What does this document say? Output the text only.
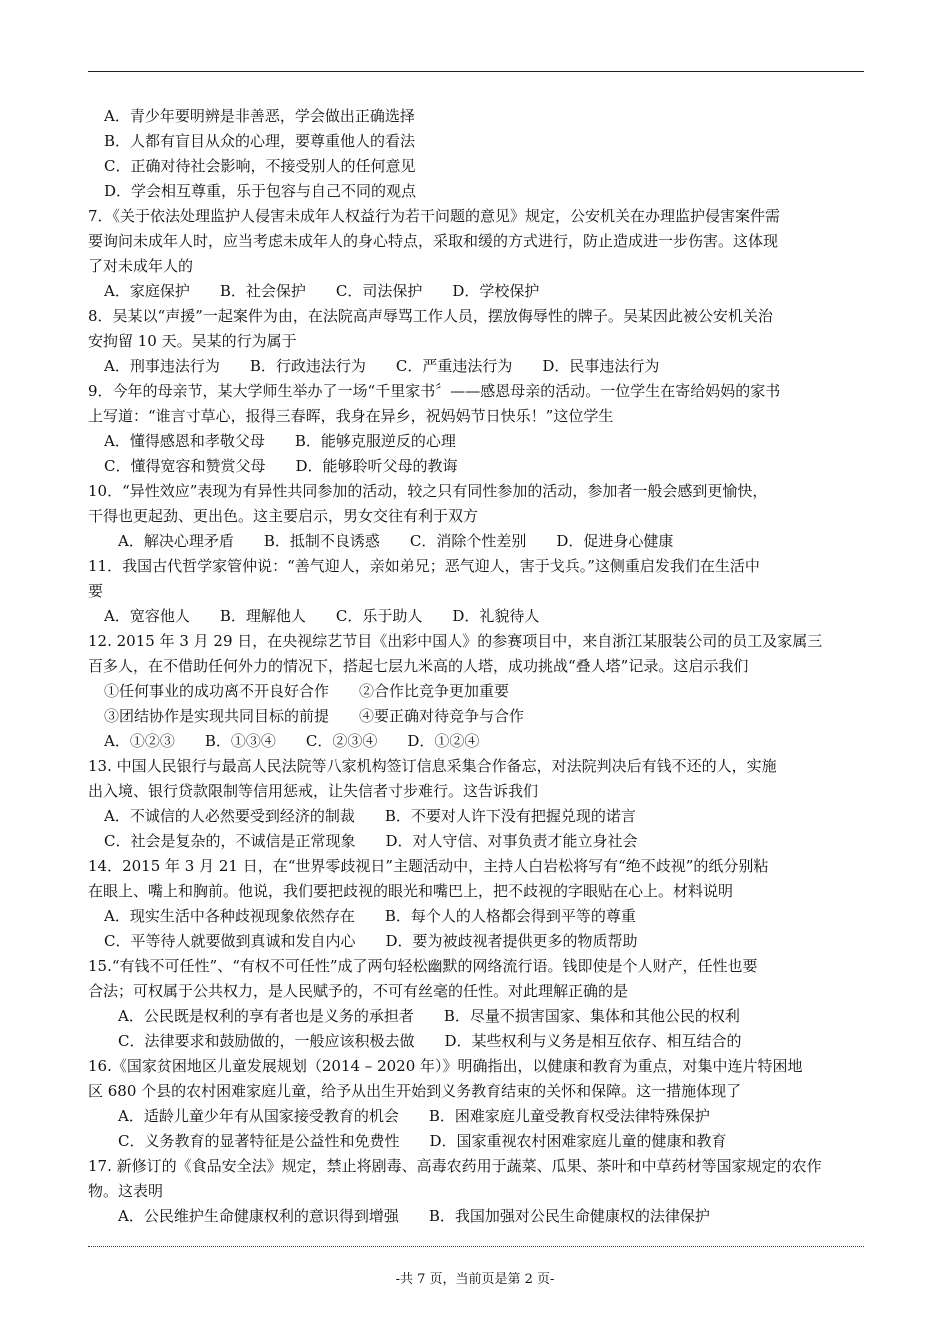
A．青少年要明辨是非善恶，学会做出正确选择
B．人都有盲目从众的心理，要尊重他人的看法
C．正确对待社会影响，不接受别人的任何意见
D．学会相互尊重，乐于包容与自己不同的观点
7．《关于依法处理监护人侵害未成年人权益行为若干问题的意见》规定，公安机关在办理监护侵害案件需
要询问未成年人时，应当考虑未成年人的身心特点，采取和缓的方式进行，防止造成进一步伤害。这体现
了对未成年人的
A．家庭保护　　B．社会保护　　C．司法保护　　D．学校保护
8．吴某以“声援”一起案件为由，在法院高声辱骂工作人员，摆放侮辱性的牌子。吴某因此被公安机关治
安拘留 10 天。吴某的行为属于
A．刑事违法行为　　B．行政违法行为　　C．严重违法行为　　D．民事违法行为
9．今年的母亲节，某大学师生举办了一场“千里家书〞——感恩母亲的活动。一位学生在寄给妈妈的家书
上写道：“谁言寸草心，报得三春晖，我身在异乡，祝妈妈节日快乐！”这位学生
A．懂得感恩和孝敬父母　　B．能够克服逆反的心理
C．懂得宽容和赞赏父母　　D．能够聆听父母的教诲
10．“异性效应”表现为有异性共同参加的活动，较之只有同性参加的活动，参加者一般会感到更愉快，
干得也更起劲、更出色。这主要启示，男女交往有利于双方
A．解决心理矛盾　　B．抵制不良诱惑　　C．消除个性差别　　D．促进身心健康
11．我国古代哲学家管仲说：“善气迎人，亲如弟兄；恶气迎人，害于戈兵。”这侧重启发我们在生活中
要
A．宽容他人　　B．理解他人　　C．乐于助人　　D．礼貌待人
12. 2015 年 3 月 29 日，在央视综艺节目《出彩中国人》的参赛项目中，来自浙江某服装公司的员工及家属三
百多人，在不借助任何外力的情况下，搭起七层九米高的人塔，成功挑战“叠人塔”记录。这启示我们
①任何事业的成功离不开良好合作　　②合作比竞争更加重要
③团结协作是实现共同目标的前提　　④要正确对待竞争与合作
A．①②③　　B．①③④　　C．②③④　　D．①②④
13. 中国人民银行与最高人民法院等八家机构签订信息采集合作备忘，对法院判决后有钱不还的人，实施
出入境、银行贷款限制等信用惩戒，让失信者寸步难行。这告诉我们
A．不诚信的人必然要受到经济的制裁　　B．不要对人许下没有把握兑现的诺言
C．社会是复杂的，不诚信是正常现象　　D．对人守信、对事负责才能立身社会
14．2015 年 3 月 21 日，在“世界零歧视日”主题活动中，主持人白岩松将写有“绝不歧视”的纸分别粘
在眼上、嘴上和胸前。他说，我们要把歧视的眼光和嘴巴上，把不歧视的字眼贴在心上。材料说明
A．现实生活中各种歧视现象依然存在　　B．每个人的人格都会得到平等的尊重
C．平等待人就要做到真诚和发自内心　　D．要为被歧视者提供更多的物质帮助
15.“有钱不可任性”、“有权不可任性”成了两句轻松幽默的网络流行语。钱即使是个人财产，任性也要
合法；可权属于公共权力，是人民赋予的，不可有丝毫的任性。对此理解正确的是
A．公民既是权利的享有者也是义务的承担者　　B．尽量不损害国家、集体和其他公民的权利
C．法律要求和鼓励做的，一般应该积极去做　　D．某些权利与义务是相互依存、相互结合的
16.《国家贫困地区儿童发展规划（2014 – 2020 年）》明确指出，以健康和教育为重点，对集中连片特困地
区 680 个县的农村困难家庭儿童，给予从出生开始到义务教育结束的关怀和保障。这一措施体现了
A．适龄儿童少年有从国家接受教育的机会　　B．困难家庭儿童受教育权受法律特殊保护
C．义务教育的显著特征是公益性和免费性　　D．国家重视农村困难家庭儿童的健康和教育
17. 新修订的《食品安全法》规定，禁止将剧毒、高毒农药用于蔬菜、瓜果、茶叶和中草药材等国家规定的农作
物。这表明
A．公民维护生命健康权利的意识得到增强　　B．我国加强对公民生命健康权的法律保护
-共 7 页，当前页是第 2 页-
